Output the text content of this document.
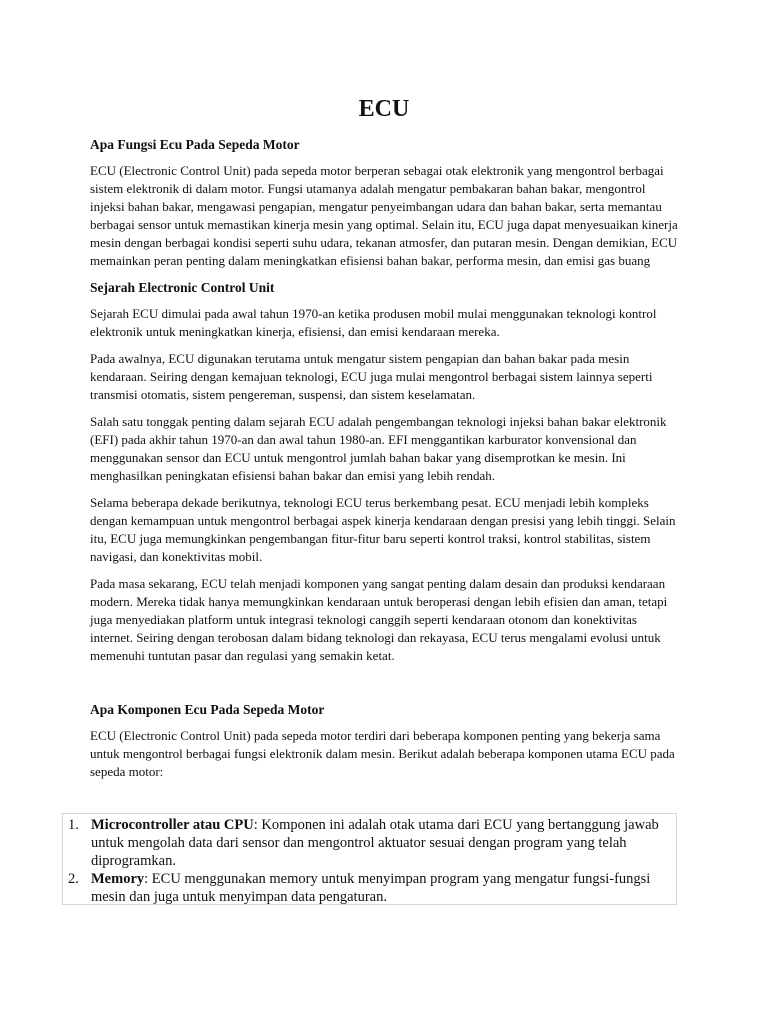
ECU
Apa Fungsi Ecu Pada Sepeda Motor

ECU (Electronic Control Unit) pada sepeda motor berperan sebagai otak elektronik yang mengontrol berbagai sistem elektronik di dalam motor. Fungsi utamanya adalah mengatur pembakaran bahan bakar, mengontrol injeksi bahan bakar, mengawasi pengapian, mengatur penyeimbangan udara dan bahan bakar, serta memantau berbagai sensor untuk memastikan kinerja mesin yang optimal. Selain itu, ECU juga dapat menyesuaikan kinerja mesin dengan berbagai kondisi seperti suhu udara, tekanan atmosfer, dan putaran mesin. Dengan demikian, ECU memainkan peran penting dalam meningkatkan efisiensi bahan bakar, performa mesin, dan emisi gas buang

Sejarah Electronic Control Unit

Sejarah ECU dimulai pada awal tahun 1970-an ketika produsen mobil mulai menggunakan teknologi kontrol elektronik untuk meningkatkan kinerja, efisiensi, dan emisi kendaraan mereka.

Pada awalnya, ECU digunakan terutama untuk mengatur sistem pengapian dan bahan bakar pada mesin kendaraan. Seiring dengan kemajuan teknologi, ECU juga mulai mengontrol berbagai sistem lainnya seperti transmisi otomatis, sistem pengereman, suspensi, dan sistem keselamatan.

Salah satu tonggak penting dalam sejarah ECU adalah pengembangan teknologi injeksi bahan bakar elektronik (EFI) pada akhir tahun 1970-an dan awal tahun 1980-an. EFI menggantikan karburator konvensional dan menggunakan sensor dan ECU untuk mengontrol jumlah bahan bakar yang disemprotkan ke mesin. Ini menghasilkan peningkatan efisiensi bahan bakar dan emisi yang lebih rendah.

Selama beberapa dekade berikutnya, teknologi ECU terus berkembang pesat. ECU menjadi lebih kompleks dengan kemampuan untuk mengontrol berbagai aspek kinerja kendaraan dengan presisi yang lebih tinggi. Selain itu, ECU juga memungkinkan pengembangan fitur-fitur baru seperti kontrol traksi, kontrol stabilitas, sistem navigasi, dan konektivitas mobil.

Pada masa sekarang, ECU telah menjadi komponen yang sangat penting dalam desain dan produksi kendaraan modern. Mereka tidak hanya memungkinkan kendaraan untuk beroperasi dengan lebih efisien dan aman, tetapi juga menyediakan platform untuk integrasi teknologi canggih seperti kendaraan otonom dan konektivitas internet. Seiring dengan terobosan dalam bidang teknologi dan rekayasa, ECU terus mengalami evolusi untuk memenuhi tuntutan pasar dan regulasi yang semakin ketat.

Apa Komponen Ecu Pada Sepeda Motor

ECU (Electronic Control Unit) pada sepeda motor terdiri dari beberapa komponen penting yang bekerja sama untuk mengontrol berbagai fungsi elektronik dalam mesin. Berikut adalah beberapa komponen utama ECU pada sepeda motor:

1. Microcontroller atau CPU: Komponen ini adalah otak utama dari ECU yang bertanggung jawab untuk mengolah data dari sensor dan mengontrol aktuator sesuai dengan program yang telah diprogramkan.
2. Memory: ECU menggunakan memory untuk menyimpan program yang mengatur fungsi-fungsi mesin dan juga untuk menyimpan data pengaturan.
